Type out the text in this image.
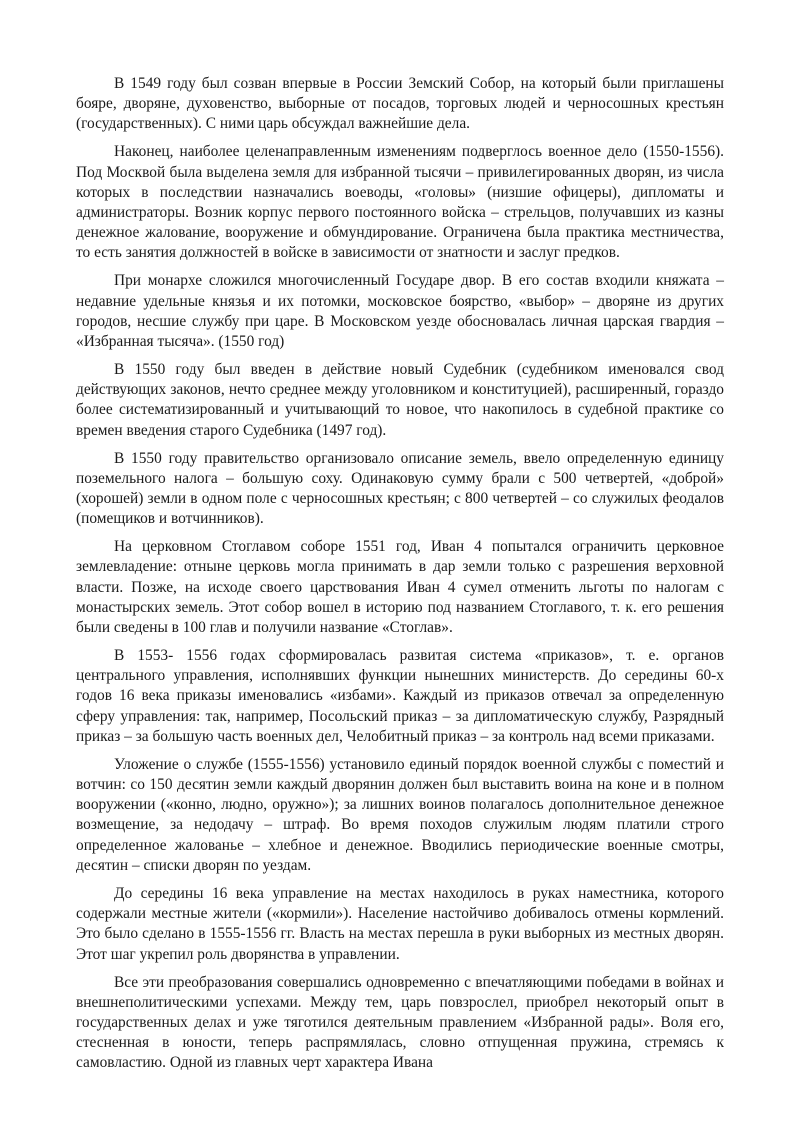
В 1549 году был созван впервые в России Земский Собор, на который были приглашены бояре, дворяне, духовенство, выборные от посадов, торговых людей и черносошных крестьян (государственных). С ними царь обсуждал важнейшие дела.

Наконец, наиболее целенаправленным изменениям подверглось военное дело (1550-1556). Под Москвой была выделена земля для избранной тысячи – привилегированных дворян, из числа которых в последствии назначались воеводы, «головы» (низшие офицеры), дипломаты и администраторы. Возник корпус первого постоянного войска – стрельцов, получавших из казны денежное жалование, вооружение и обмундирование. Ограничена была практика местничества, то есть занятия должностей в войске в зависимости от знатности и заслуг предков.

При монархе сложился многочисленный Государе двор. В его состав входили княжата – недавние удельные князья и их потомки, московское боярство, «выбор» – дворяне из других городов, несшие службу при царе. В Московском уезде обосновалась личная царская гвардия – «Избранная тысяча». (1550 год)

В 1550 году был введен в действие новый Судебник (судебником именовался свод действующих законов, нечто среднее между уголовником и конституцией), расширенный, гораздо более систематизированный и учитывающий то новое, что накопилось в судебной практике со времен введения старого Судебника (1497 год).

В 1550 году правительство организовало описание земель, ввело определенную единицу поземельного налога – большую соху. Одинаковую сумму брали с 500 четвертей, «доброй» (хорошей) земли в одном поле с черносошных крестьян; с 800 четвертей – со служилых феодалов (помещиков и вотчинников).

На церковном Стоглавом соборе 1551 год, Иван 4 попытался ограничить церковное землевладение: отныне церковь могла принимать в дар земли только с разрешения верховной власти. Позже, на исходе своего царствования Иван 4 сумел отменить льготы по налогам с монастырских земель. Этот собор вошел в историю под названием Стоглавого, т. к. его решения были сведены в 100 глав и получили название «Стоглав».

В 1553- 1556 годах сформировалась развитая система «приказов», т. е. органов центрального управления, исполнявших функции нынешних министерств. До середины 60-х годов 16 века приказы именовались «избами». Каждый из приказов отвечал за определенную сферу управления: так, например, Посольский приказ – за дипломатическую службу, Разрядный приказ – за большую часть военных дел, Челобитный приказ – за контроль над всеми приказами.

Уложение о службе (1555-1556) установило единый порядок военной службы с поместий и вотчин: со 150 десятин земли каждый дворянин должен был выставить воина на коне и в полном вооружении («конно, людно, оружно»); за лишних воинов полагалось дополнительное денежное возмещение, за недодачу – штраф. Во время походов служилым людям платили строго определенное жалованье – хлебное и денежное. Вводились периодические военные смотры, десятин – списки дворян по уездам.

До середины 16 века управление на местах находилось в руках наместника, которого содержали местные жители («кормили»). Население настойчиво добивалось отмены кормлений. Это было сделано в 1555-1556 гг. Власть на местах перешла в руки выборных из местных дворян. Этот шаг укрепил роль дворянства в управлении.

Все эти преобразования совершались одновременно с впечатляющими победами в войнах и внешнеполитическими успехами. Между тем, царь повзрослел, приобрел некоторый опыт в государственных делах и уже тяготился деятельным правлением «Избранной рады». Воля его, стесненная в юности, теперь распрямлялась, словно отпущенная пружина, стремясь к самовластию. Одной из главных черт характера Ивана
